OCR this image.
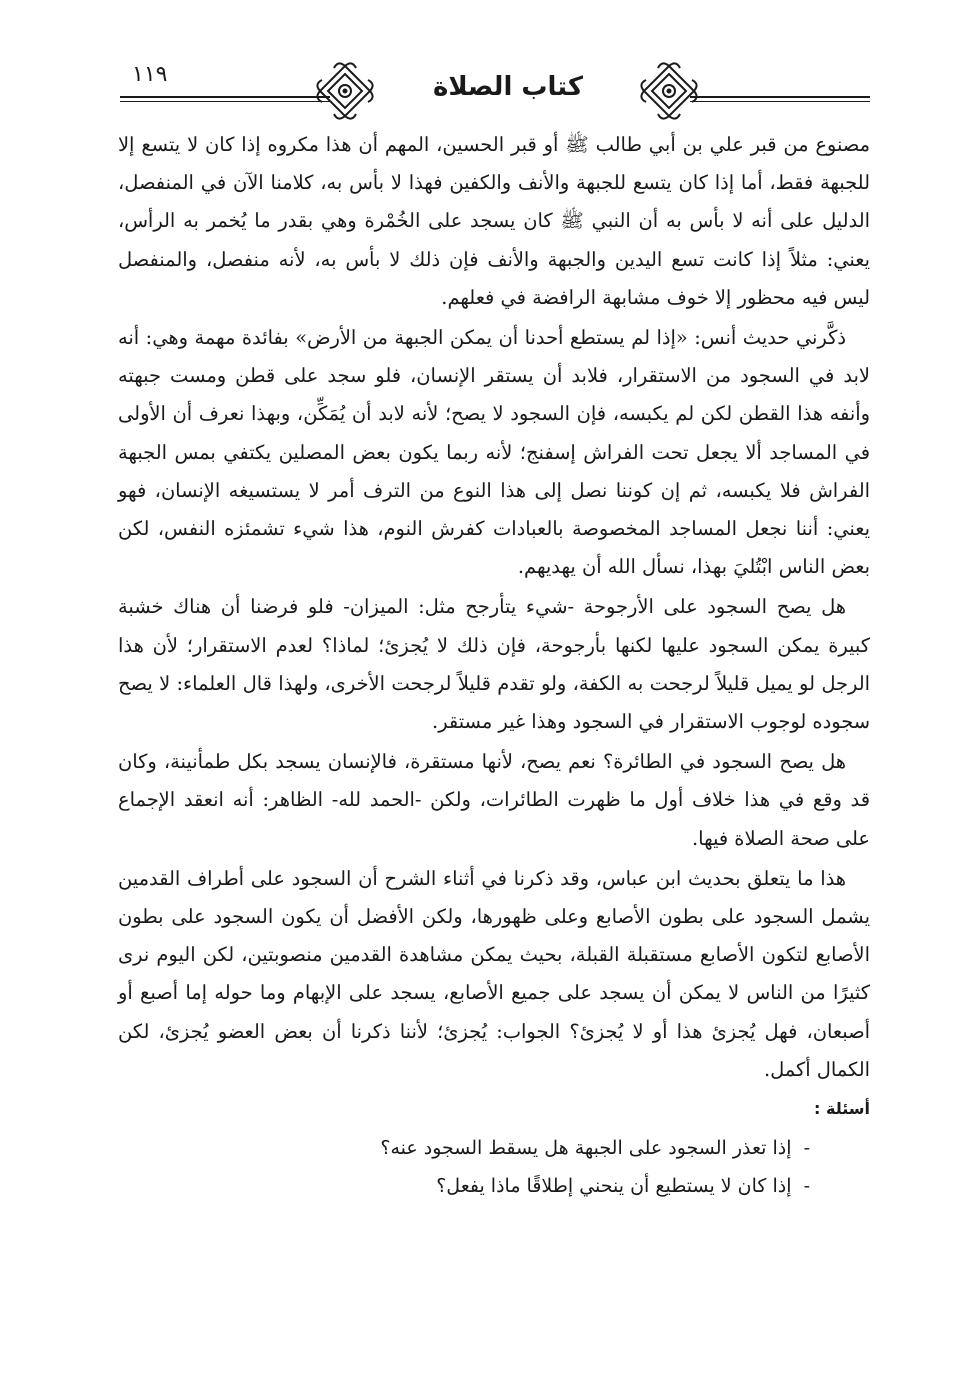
١١٩	كتاب الصلاة

مصنوع من قبر علي بن أبي طالب ﷺ أو قبر الحسين، المهم أن هذا مكروه إذا كان لا يتسع إلا للجبهة فقط، أما إذا كان يتسع للجبهة والأنف والكفين فهذا لا بأس به، كلامنا الآن في المنفصل، الدليل على أنه لا بأس به أن النبي ﷺ كان يسجد على الخُمْرة وهي بقدر ما يُخمر به الرأس، يعني: مثلاً إذا كانت تسع اليدين والجبهة والأنف فإن ذلك لا بأس به، لأنه منفصل، والمنفصل ليس فيه محظور إلا خوف مشابهة الرافضة في فعلهم.

ذكَّرني حديث أنس: «إذا لم يستطع أحدنا أن يمكن الجبهة من الأرض» بفائدة مهمة وهي: أنه لابد في السجود من الاستقرار، فلابد أن يستقر الإنسان، فلو سجد على قطن ومست جبهته وأنفه هذا القطن لكن لم يكبسه، فإن السجود لا يصح؛ لأنه لابد أن يُمَكِّن، وبهذا نعرف أن الأولى في المساجد ألا يجعل تحت الفراش إسفنج؛ لأنه ربما يكون بعض المصلين يكتفي بمس الجبهة الفراش فلا يكبسه، ثم إن كوننا نصل إلى هذا النوع من الترف أمر لا يستسيغه الإنسان، فهو يعني: أننا نجعل المساجد المخصوصة بالعبادات كفرش النوم، هذا شيء تشمئزه النفس، لكن بعض الناس ابْتُليَ بهذا، نسأل الله أن يهديهم.

هل يصح السجود على الأرجوحة -شيء يتأرجح مثل: الميزان- فلو فرضنا أن هناك خشبة كبيرة يمكن السجود عليها لكنها بأرجوحة، فإن ذلك لا يُجزئ؛ لماذا؟ لعدم الاستقرار؛ لأن هذا الرجل لو يميل قليلاً لرجحت به الكفة، ولو تقدم قليلاً لرجحت الأخرى، ولهذا قال العلماء: لا يصح سجوده لوجوب الاستقرار في السجود وهذا غير مستقر.

هل يصح السجود في الطائرة؟ نعم يصح، لأنها مستقرة، فالإنسان يسجد بكل طمأنينة، وكان قد وقع في هذا خلاف أول ما ظهرت الطائرات، ولكن -الحمد لله- الظاهر: أنه انعقد الإجماع على صحة الصلاة فيها.

هذا ما يتعلق بحديث ابن عباس، وقد ذكرنا في أثناء الشرح أن السجود على أطراف القدمين يشمل السجود على بطون الأصابع وعلى ظهورها، ولكن الأفضل أن يكون السجود على بطون الأصابع لتكون الأصابع مستقبلة القبلة، بحيث يمكن مشاهدة القدمين منصوبتين، لكن اليوم نرى كثيرًا من الناس لا يمكن أن يسجد على جميع الأصابع، يسجد على الإبهام وما حوله إما أصبع أو أصبعان، فهل يُجزئ هذا أو لا يُجزئ؟ الجواب: يُجزئ؛ لأننا ذكرنا أن بعض العضو يُجزئ، لكن الكمال أكمل.

أسئلة :

- إذا تعذر السجود على الجبهة هل يسقط السجود عنه؟

- إذا كان لا يستطيع أن ينحني إطلاقًا ماذا يفعل؟
